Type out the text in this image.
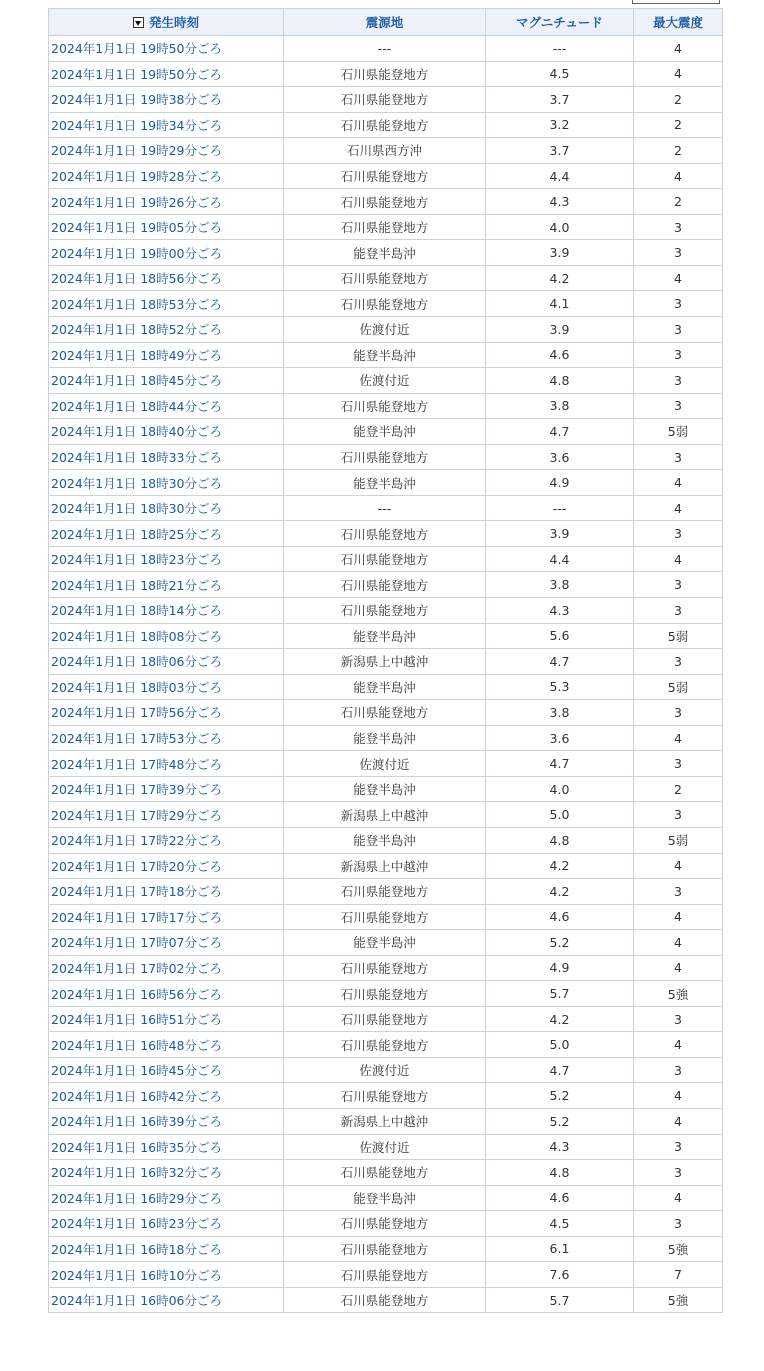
発生時刻	震源地	マグニチュード	最大震度
2024年1月1日 19時50分ごろ	---	---	4
2024年1月1日 19時50分ごろ	石川県能登地方	4.5	4
2024年1月1日 19時38分ごろ	石川県能登地方	3.7	2
2024年1月1日 19時34分ごろ	石川県能登地方	3.2	2
2024年1月1日 19時29分ごろ	石川県西方沖	3.7	2
2024年1月1日 19時28分ごろ	石川県能登地方	4.4	4
2024年1月1日 19時26分ごろ	石川県能登地方	4.3	2
2024年1月1日 19時05分ごろ	石川県能登地方	4.0	3
2024年1月1日 19時00分ごろ	能登半島沖	3.9	3
2024年1月1日 18時56分ごろ	石川県能登地方	4.2	4
2024年1月1日 18時53分ごろ	石川県能登地方	4.1	3
2024年1月1日 18時52分ごろ	佐渡付近	3.9	3
2024年1月1日 18時49分ごろ	能登半島沖	4.6	3
2024年1月1日 18時45分ごろ	佐渡付近	4.8	3
2024年1月1日 18時44分ごろ	石川県能登地方	3.8	3
2024年1月1日 18時40分ごろ	能登半島沖	4.7	5弱
2024年1月1日 18時33分ごろ	石川県能登地方	3.6	3
2024年1月1日 18時30分ごろ	能登半島沖	4.9	4
2024年1月1日 18時30分ごろ	---	---	4
2024年1月1日 18時25分ごろ	石川県能登地方	3.9	3
2024年1月1日 18時23分ごろ	石川県能登地方	4.4	4
2024年1月1日 18時21分ごろ	石川県能登地方	3.8	3
2024年1月1日 18時14分ごろ	石川県能登地方	4.3	3
2024年1月1日 18時08分ごろ	能登半島沖	5.6	5弱
2024年1月1日 18時06分ごろ	新潟県上中越沖	4.7	3
2024年1月1日 18時03分ごろ	能登半島沖	5.3	5弱
2024年1月1日 17時56分ごろ	石川県能登地方	3.8	3
2024年1月1日 17時53分ごろ	能登半島沖	3.6	4
2024年1月1日 17時48分ごろ	佐渡付近	4.7	3
2024年1月1日 17時39分ごろ	能登半島沖	4.0	2
2024年1月1日 17時29分ごろ	新潟県上中越沖	5.0	3
2024年1月1日 17時22分ごろ	能登半島沖	4.8	5弱
2024年1月1日 17時20分ごろ	新潟県上中越沖	4.2	4
2024年1月1日 17時18分ごろ	石川県能登地方	4.2	3
2024年1月1日 17時17分ごろ	石川県能登地方	4.6	4
2024年1月1日 17時07分ごろ	能登半島沖	5.2	4
2024年1月1日 17時02分ごろ	石川県能登地方	4.9	4
2024年1月1日 16時56分ごろ	石川県能登地方	5.7	5強
2024年1月1日 16時51分ごろ	石川県能登地方	4.2	3
2024年1月1日 16時48分ごろ	石川県能登地方	5.0	4
2024年1月1日 16時45分ごろ	佐渡付近	4.7	3
2024年1月1日 16時42分ごろ	石川県能登地方	5.2	4
2024年1月1日 16時39分ごろ	新潟県上中越沖	5.2	4
2024年1月1日 16時35分ごろ	佐渡付近	4.3	3
2024年1月1日 16時32分ごろ	石川県能登地方	4.8	3
2024年1月1日 16時29分ごろ	能登半島沖	4.6	4
2024年1月1日 16時23分ごろ	石川県能登地方	4.5	3
2024年1月1日 16時18分ごろ	石川県能登地方	6.1	5強
2024年1月1日 16時10分ごろ	石川県能登地方	7.6	7
2024年1月1日 16時06分ごろ	石川県能登地方	5.7	5強
